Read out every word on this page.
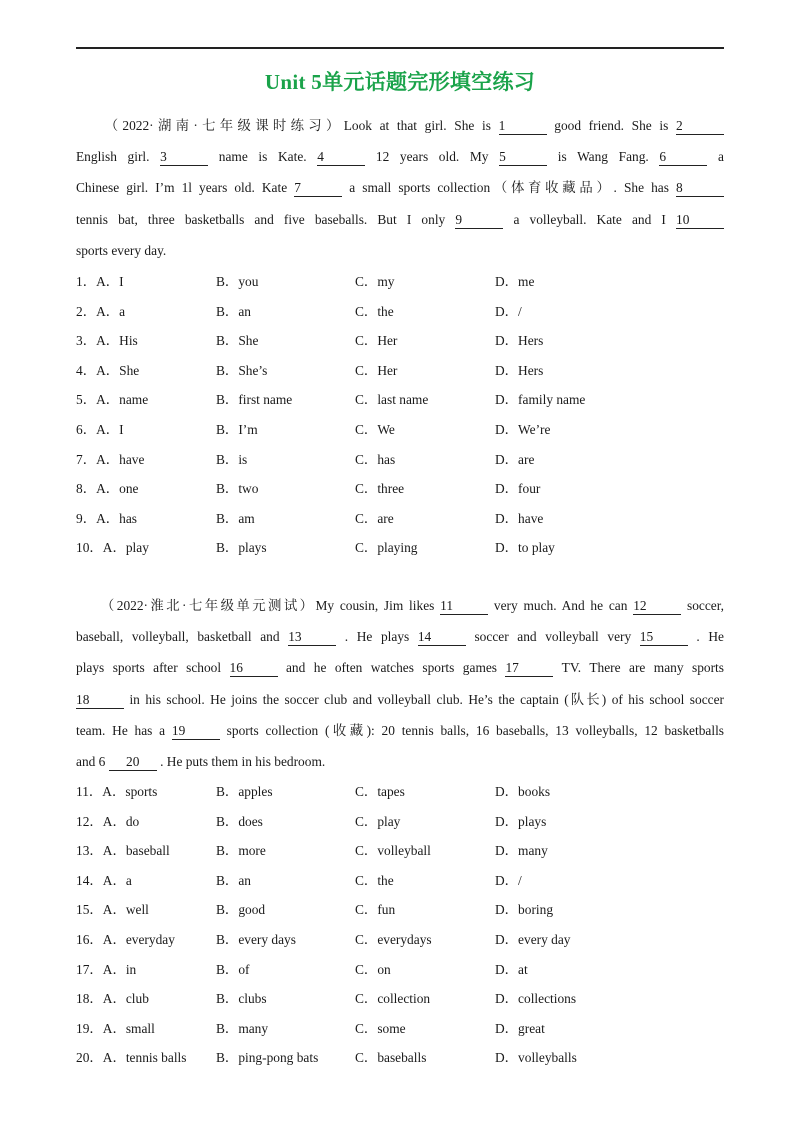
Unit 5单元话题完形填空练习
　　（2022·湖南·七年级课时练习）Look at that girl. She is 1	good friend. She is 2
English girl. 3	name is Kate. 4	12 years old. My 5	is Wang Fang. 6	a
Chinese girl. I’m 1l years old. Kate 7	a small sports collection（体育收藏品）. She has 8
tennis bat, three basketballs and five baseballs. But I only 9	a volleyball. Kate and I 10
sports every day.
1．A．I	B．you	C．my	D．me
2．A．a	B．an	C．the	D．/
3．A．His	B．She	C．Her	D．Hers
4．A．She	B．She’s	C．Her	D．Hers
5．A．name	B．first name	C．last name	D．family name
6．A．I	B．I’m	C．We	D．We’re
7．A．have	B．is	C．has	D．are
8．A．one	B．two	C．three	D．four
9．A．has	B．am	C．are	D．have
10．A．play	B．plays	C．playing	D．to play
　　（2022·淮北·七年级单元测试）My cousin, Jim likes 11	very much. And he can 12	soccer,
baseball, volleyball, basketball and 13	. He plays 14	soccer and volleyball very 15	. He
plays sports after school 16	and he often watches sports games 17	TV. There are many sports
18	in his school. He joins the soccer club and volleyball club. He’s the captain (队长) of his school soccer
team. He has a 19	sports collection (收藏): 20 tennis balls, 16 baseballs, 13 volleyballs, 12 basketballs
and 6 20 . He puts them in his bedroom.
11．A．sports	B．apples	C．tapes	D．books
12．A．do	B．does	C．play	D．plays
13．A．baseball	B．more	C．volleyball	D．many
14．A．a	B．an	C．the	D．/
15．A．well	B．good	C．fun	D．boring
16．A．everyday	B．every days	C．everydays	D．every day
17．A．in	B．of	C．on	D．at
18．A．club	B．clubs	C．collection	D．collections
19．A．small	B．many	C．some	D．great
20．A．tennis balls B．ping-pong bats	C．baseballs	D．volleyballs
